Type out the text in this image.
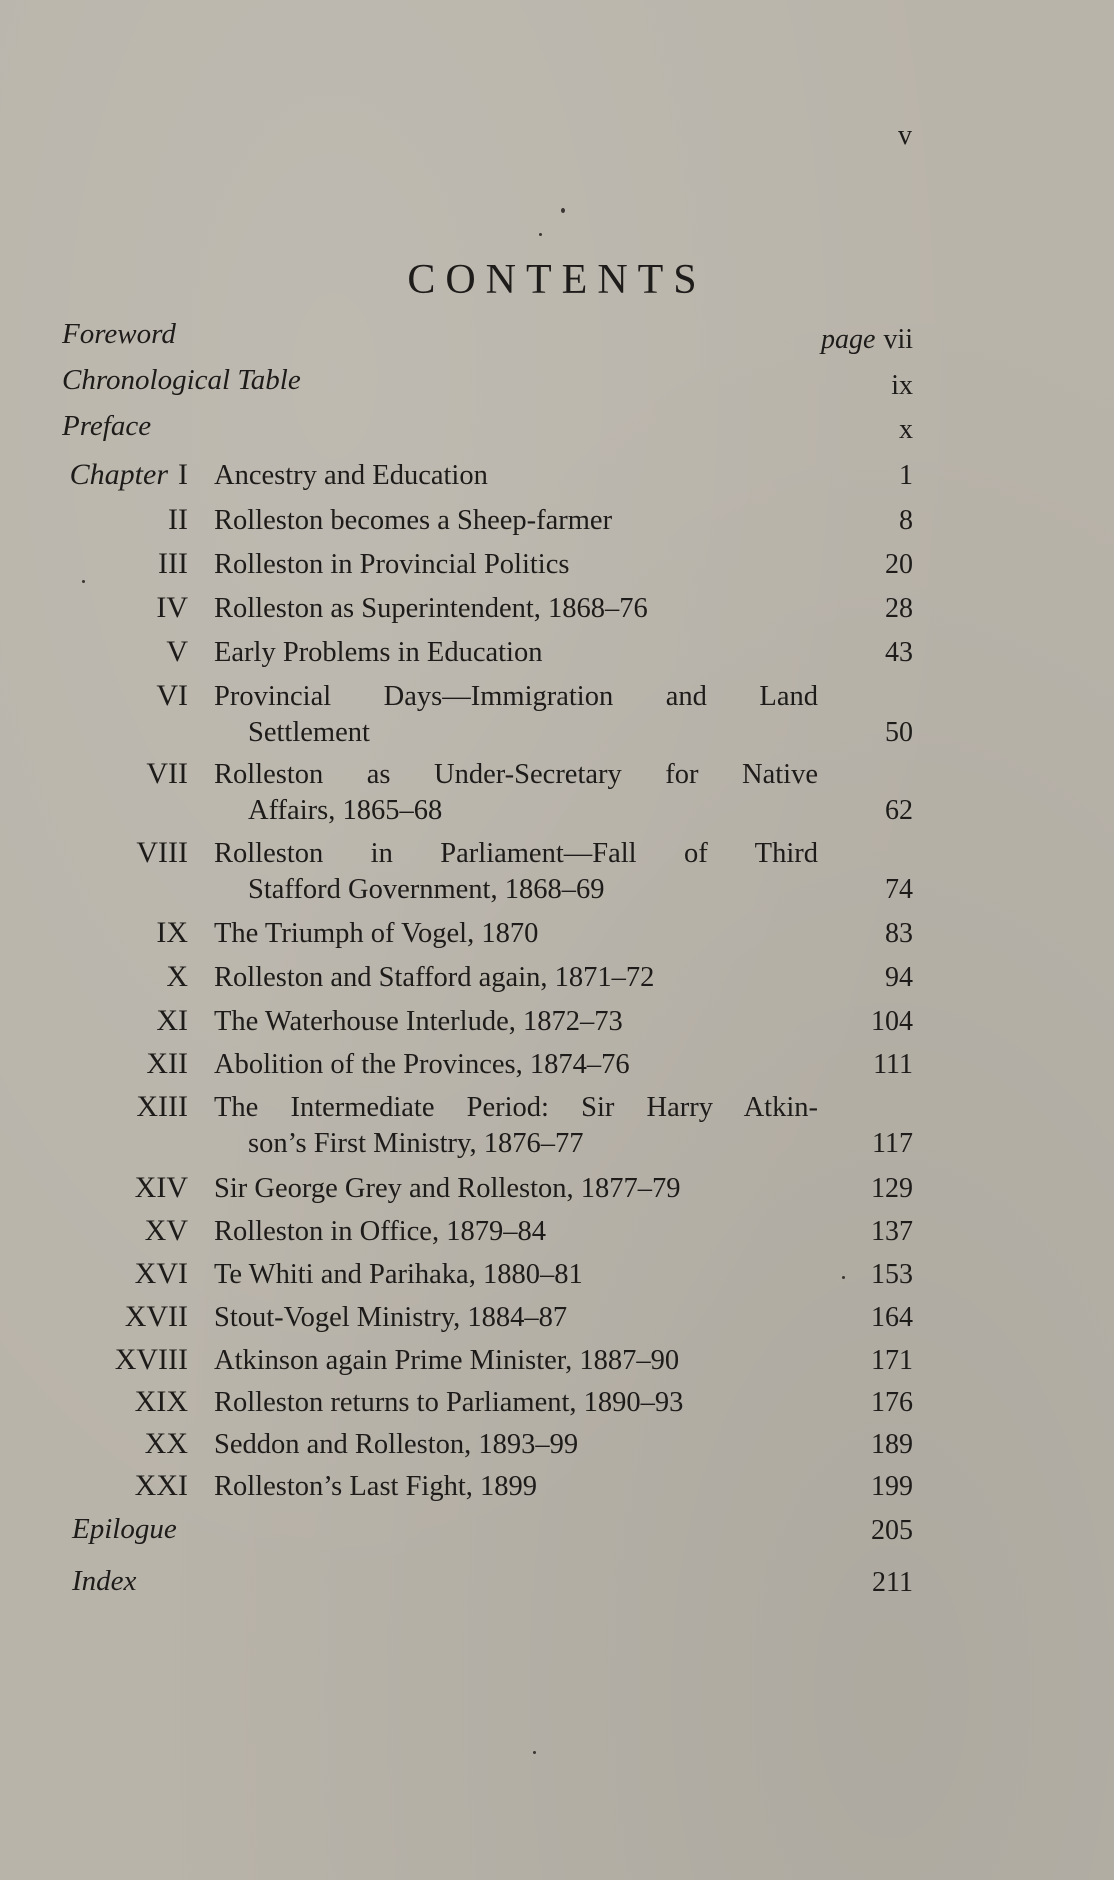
v
CONTENTS
Foreword	page vii
Chronological Table	ix
Preface	x
Chapter I Ancestry and Education	1
II Rolleston becomes a Sheep-farmer	8
III Rolleston in Provincial Politics	20
IV Rolleston as Superintendent, 1868–76	28
V Early Problems in Education	43
VI Provincial Days—Immigration and Land
Settlement	50
VII Rolleston as Under-Secretary for Native
Affairs, 1865–68	62
VIII Rolleston in Parliament—Fall of Third
Stafford Government, 1868–69	74
IX The Triumph of Vogel, 1870	83
X Rolleston and Stafford again, 1871–72	94
XI The Waterhouse Interlude, 1872–73	104
XII Abolition of the Provinces, 1874–76	111
XIII The Intermediate Period: Sir Harry Atkin-
son’s First Ministry, 1876–77	117
XIV Sir George Grey and Rolleston, 1877–79	129
XV Rolleston in Office, 1879–84	137
XVI Te Whiti and Parihaka, 1880–81	153
XVII Stout-Vogel Ministry, 1884–87	164
XVIII Atkinson again Prime Minister, 1887–90	171
XIX Rolleston returns to Parliament, 1890–93	176
XX Seddon and Rolleston, 1893–99	189
XXI Rolleston’s Last Fight, 1899	199
Epilogue	205
Index	211
